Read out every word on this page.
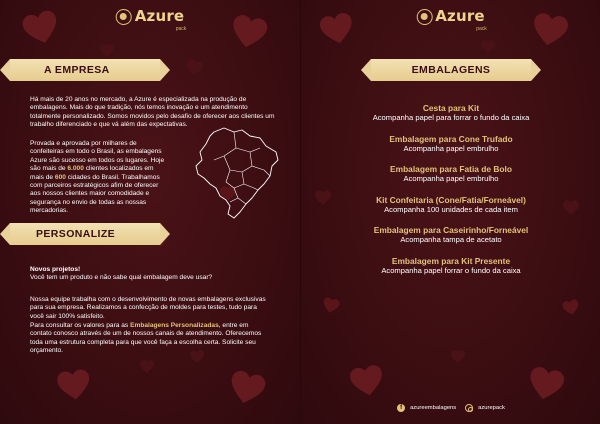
Azure
pack
A EMPRESA
Há mais de 20 anos no mercado, a Azure é especializada na produção de embalagens. Mais do que tradição, nós temos inovação e um atendimento totalmente personalizado. Somos movidos pelo desafio de oferecer aos clientes um trabalho diferenciado e que vá além das expectativas.
Provada e aprovada por milhares de confeiteiras em todo o Brasil, as embalagens Azure são sucesso em todos os lugares. Hoje são mais de 6.000 clientes localizados em mais de 600 cidades do Brasil. Trabalhamos com parceiros estratégicos afim de oferecer aos nossos clientes maior comodidade e segurança no envio de todas as nossas mercadorias.
PERSONALIZE
Novos projetos!
Você tem um produto e não sabe qual embalagem deve usar?
Nossa equipe trabalha com o desenvolvimento de novas embalagens exclusivas para sua empresa. Realizamos a confecção de moldes para testes, tudo para você sair 100% satisfeito.
Para consultar os valores para as Embalagens Personalizadas, entre em contato conosco através de um de nossos canais de atendimento. Oferecemos toda uma estrutura completa para que você faça a escolha certa. Solicite seu orçamento.
Azure
pack
EMBALAGENS
Cesta para Kit
Acompanha papel para forrar o fundo da caixa
Embalagem para Cone Trufado
Acompanha papel embrulho
Embalagem para Fatia de Bolo
Acompanha papel embrulho
Kit Confeitaria (Cone/Fatia/Forneável)
Acompanha 100 unidades de cada item
Embalagem para Caseirinho/Forneável
Acompanha tampa de acetato
Embalagem para Kit Presente
Acompanha papel forrar o fundo da caixa
f	azureembalagens	azurepack
